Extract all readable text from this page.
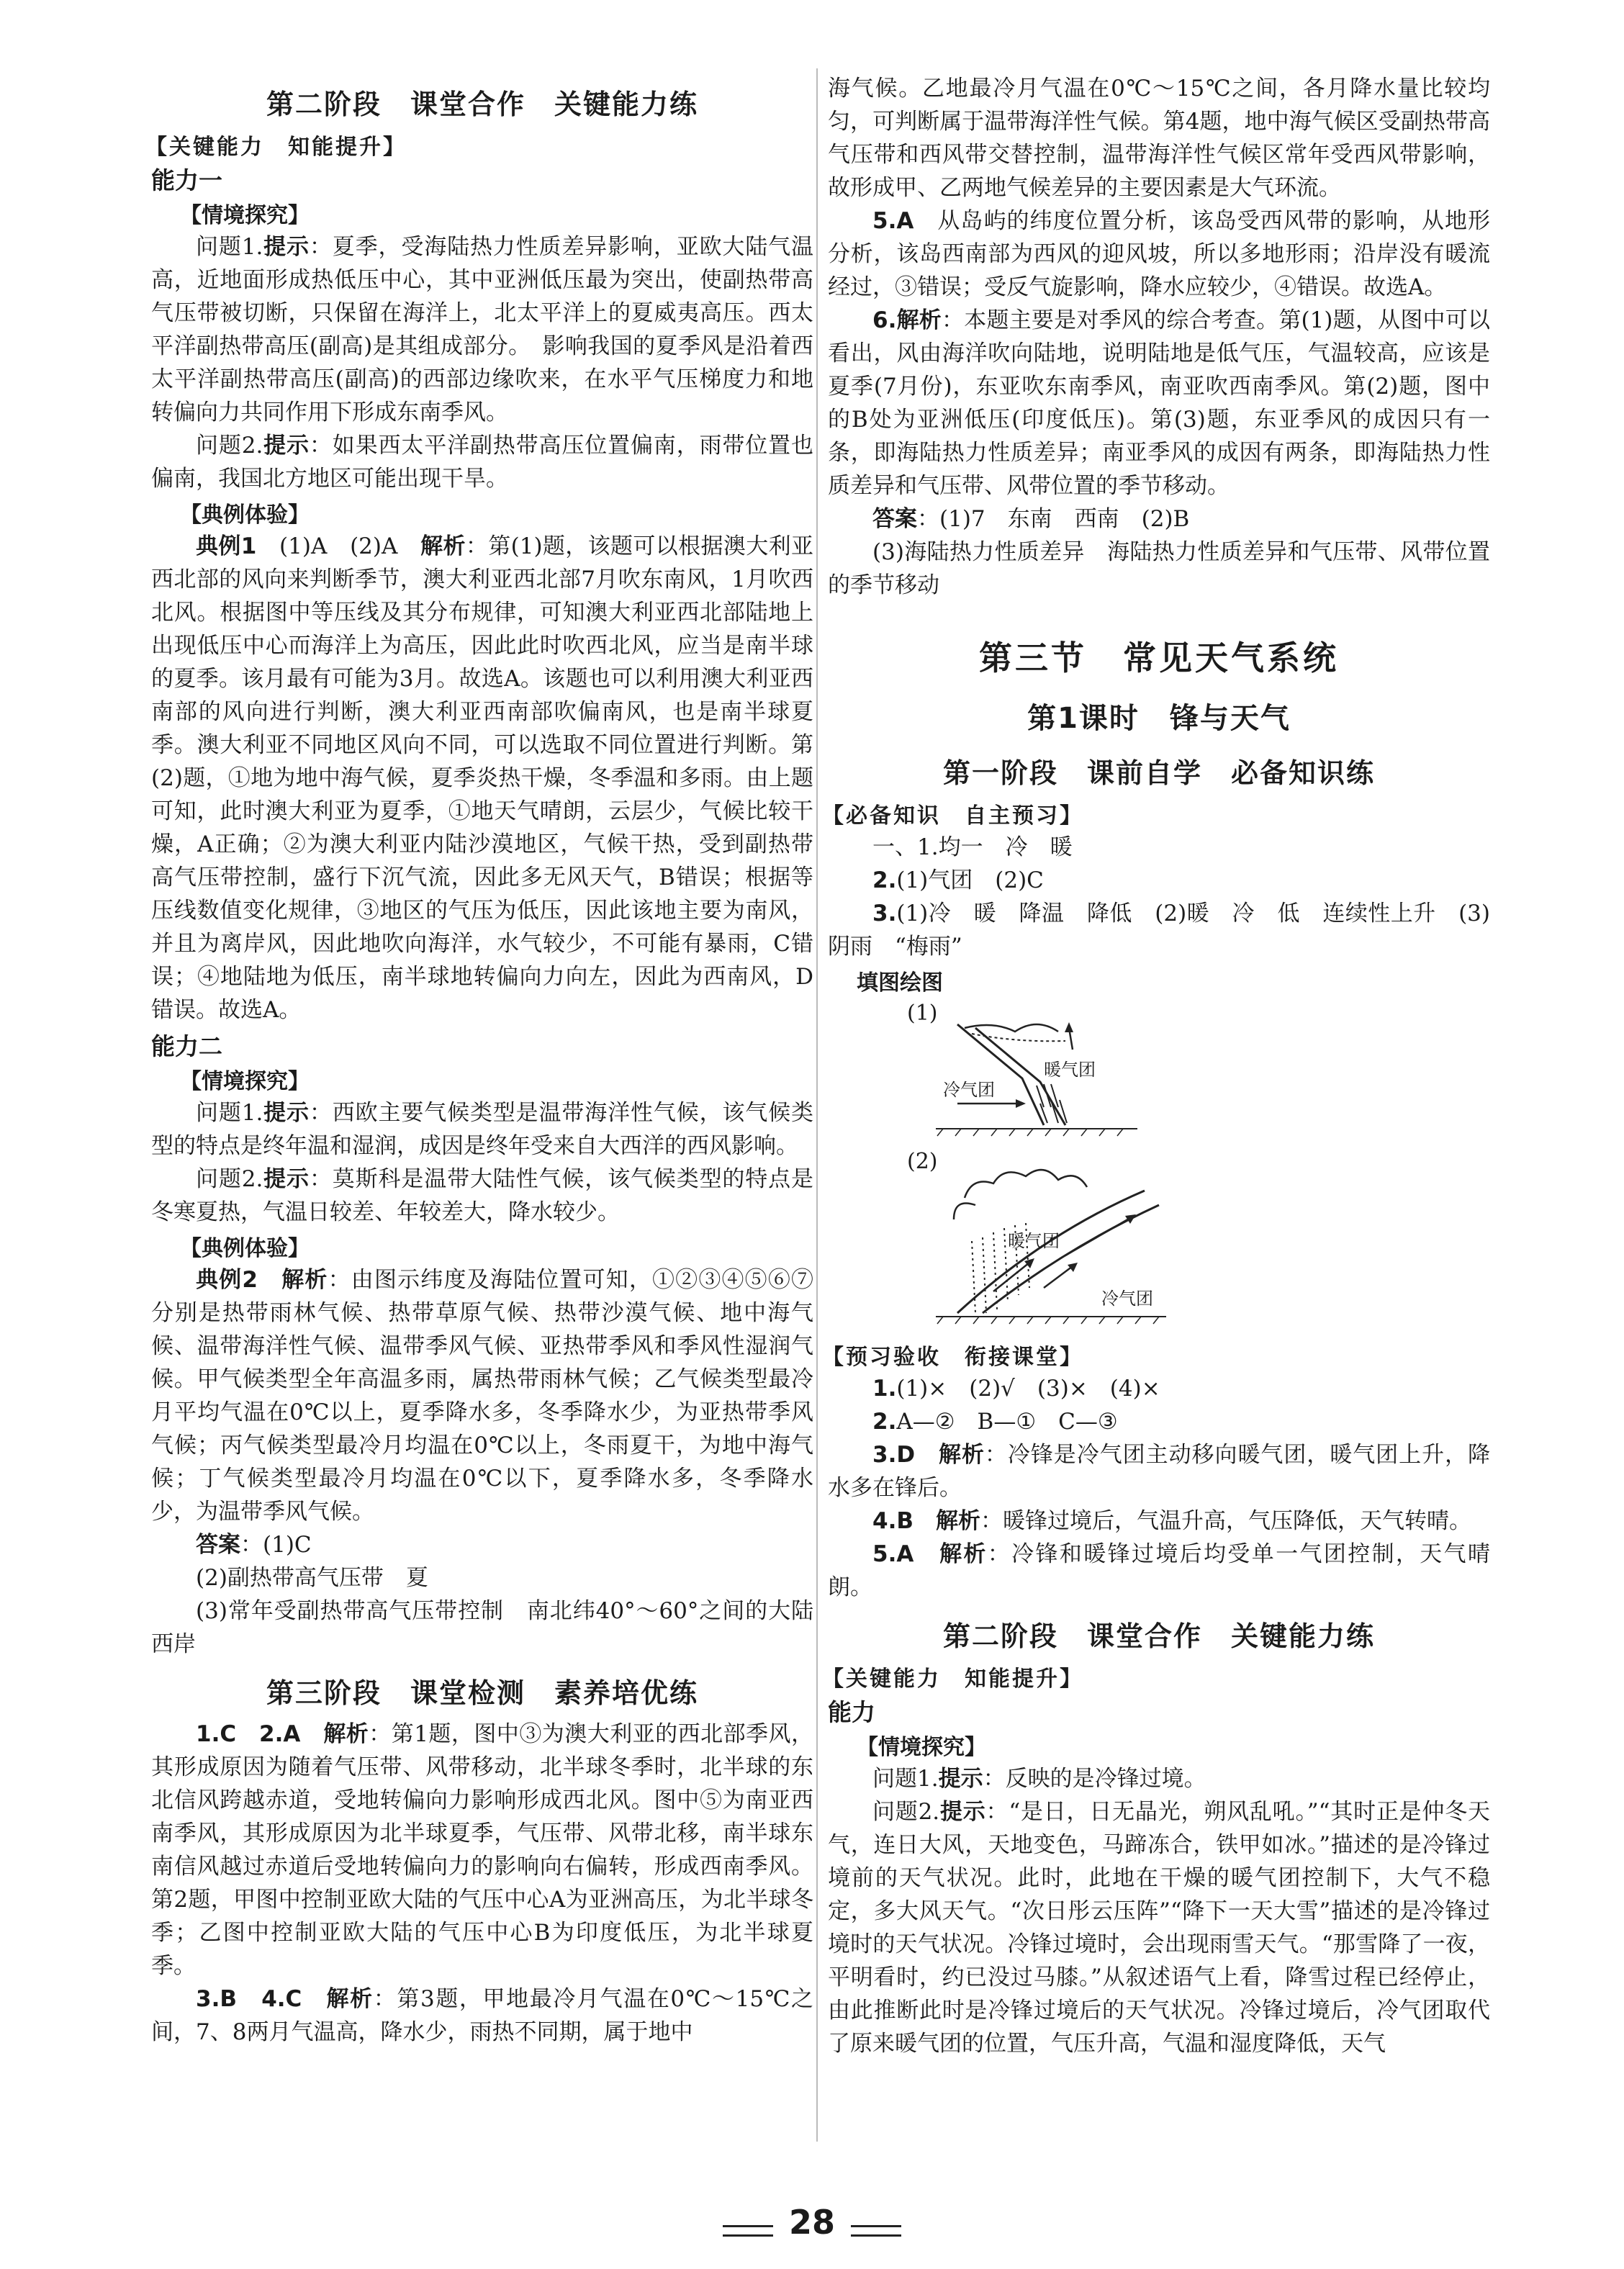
第二阶段　课堂合作　关键能力练
【关键能力　知能提升】
能力一
【情境探究】

问题1.提示：夏季，受海陆热力性质差异影响，亚欧大陆气温高，近地面形成热低压中心，其中亚洲低压最为突出，使副热带高气压带被切断，只保留在海洋上，北太平洋上的夏威夷高压。西太平洋副热带高压(副高)是其组成部分。　影响我国的夏季风是沿着西太平洋副热带高压(副高)的西部边缘吹来，在水平气压梯度力和地转偏向力共同作用下形成东南季风。

问题2.提示：如果西太平洋副热带高压位置偏南，雨带位置也偏南，我国北方地区可能出现干旱。

【典例体验】

典例1　(1)A　(2)A　解析：第(1)题，该题可以根据澳大利亚西北部的风向来判断季节，澳大利亚西北部7月吹东南风，1月吹西北风。根据图中等压线及其分布规律，可知澳大利亚西北部陆地上出现低压中心而海洋上为高压，因此此时吹西北风，应当是南半球的夏季。该月最有可能为3月。故选A。该题也可以利用澳大利亚西南部的风向进行判断，澳大利亚西南部吹偏南风，也是南半球夏季。澳大利亚不同地区风向不同，可以选取不同位置进行判断。第(2)题，①地为地中海气候，夏季炎热干燥，冬季温和多雨。由上题可知，此时澳大利亚为夏季，①地天气晴朗，云层少，气候比较干燥，A正确；②为澳大利亚内陆沙漠地区，气候干热，受到副热带高气压带控制，盛行下沉气流，因此多无风天气，B错误；根据等压线数值变化规律，③地区的气压为低压，因此该地主要为南风，并且为离岸风，因此地吹向海洋，水气较少，不可能有暴雨，C错误；④地陆地为低压，南半球地转偏向力向左，因此为西南风，D错误。故选A。

能力二
【情境探究】

问题1.提示：西欧主要气候类型是温带海洋性气候，该气候类型的特点是终年温和湿润，成因是终年受来自大西洋的西风影响。

问题2.提示：莫斯科是温带大陆性气候，该气候类型的特点是冬寒夏热，气温日较差、年较差大，降水较少。

【典例体验】

典例2　 解析：由图示纬度及海陆位置可知，①②③④⑤⑥⑦分别是热带雨林气候、热带草原气候、热带沙漠气候、地中海气候、温带海洋性气候、温带季风气候、亚热带季风和季风性湿润气候。甲气候类型全年高温多雨，属热带雨林气候；乙气候类型最冷月平均气温在0℃以上，夏季降水多，冬季降水少，为亚热带季风气候；丙气候类型最冷月均温在0℃以上，冬雨夏干，为地中海气候；丁气候类型最冷月均温在0℃以下，夏季降水多，冬季降水少，为温带季风气候。

答案：(1)C

(2)副热带高气压带　夏

(3)常年受副热带高气压带控制　南北纬40°～60°之间的大陆西岸

第三阶段　课堂检测　素养培优练

1.C　2.A　解析：第1题，图中③为澳大利亚的西北部季风，其形成原因为随着气压带、风带移动，北半球冬季时，北半球的东北信风跨越赤道，受地转偏向力影响形成西北风。图中⑤为南亚西南季风，其形成原因为北半球夏季，气压带、风带北移，南半球东南信风越过赤道后受地转偏向力的影响向右偏转，形成西南季风。第2题，甲图中控制亚欧大陆的气压中心A为亚洲高压，为北半球冬季；乙图中控制亚欧大陆的气压中心B为印度低压，为北半球夏季。

3.B　4.C　解析：第3题，甲地最冷月气温在0℃～15℃之间，7、8两月气温高，降水少，雨热不同期，属于地中

海气候。乙地最冷月气温在0℃～15℃之间，各月降水量比较均匀，可判断属于温带海洋性气候。第4题，地中海气候区受副热带高气压带和西风带交替控制，温带海洋性气候区常年受西风带影响，故形成甲、乙两地气候差异的主要因素是大气环流。

5.A　从岛屿的纬度位置分析，该岛受西风带的影响，从地形分析，该岛西南部为西风的迎风坡，所以多地形雨；沿岸没有暖流经过，③错误；受反气旋影响，降水应较少，④错误。故选A。

6.解析：本题主要是对季风的综合考查。第(1)题，从图中可以看出，风由海洋吹向陆地，说明陆地是低气压，气温较高，应该是夏季(7月份)，东亚吹东南季风，南亚吹西南季风。第(2)题，图中的B处为亚洲低压(印度低压)。第(3)题，东亚季风的成因只有一条，即海陆热力性质差异；南亚季风的成因有两条，即海陆热力性质差异和气压带、风带位置的季节移动。

答案：(1)7　东南　西南　(2)B

(3)海陆热力性质差异　海陆热力性质差异和气压带、风带位置的季节移动

第三节　常见天气系统
第1课时　锋与天气
第一阶段　课前自学　必备知识练
【必备知识　自主预习】

一、1.均一　冷　暖

2.(1)气团　(2)C

3.(1)冷　暖　降温　降低　(2)暖　冷　低　连续性上升　(3)阴雨　“梅雨”

填图绘图
(1)
暖气团
冷气团
(2)
暖气团
冷气团
【预习验收　衔接课堂】

1.(1)×　(2)√　(3)×　(4)×

2.A—②　B—①　C—③

3.D　解析：冷锋是冷气团主动移向暖气团，暖气团上升，降水多在锋后。

4.B　解析：暖锋过境后，气温升高，气压降低，天气转晴。

5.A　解析：冷锋和暖锋过境后均受单一气团控制，天气晴朗。

第二阶段　课堂合作　关键能力练
【关键能力　知能提升】
能力
【情境探究】

问题1.提示：反映的是冷锋过境。

问题2.提示：“是日，日无晶光，朔风乱吼。”“其时正是仲冬天气，连日大风，天地变色，马蹄冻合，铁甲如冰。”描述的是冷锋过境前的天气状况。此时，此地在干燥的暖气团控制下，大气不稳定，多大风天气。“次日彤云压阵”“降下一天大雪”描述的是冷锋过境时的天气状况。冷锋过境时，会出现雨雪天气。“那雪降了一夜，平明看时，约已没过马膝。”从叙述语气上看，降雪过程已经停止，由此推断此时是冷锋过境后的天气状况。冷锋过境后，冷气团取代了原来暖气团的位置，气压升高，气温和湿度降低，天气

28
